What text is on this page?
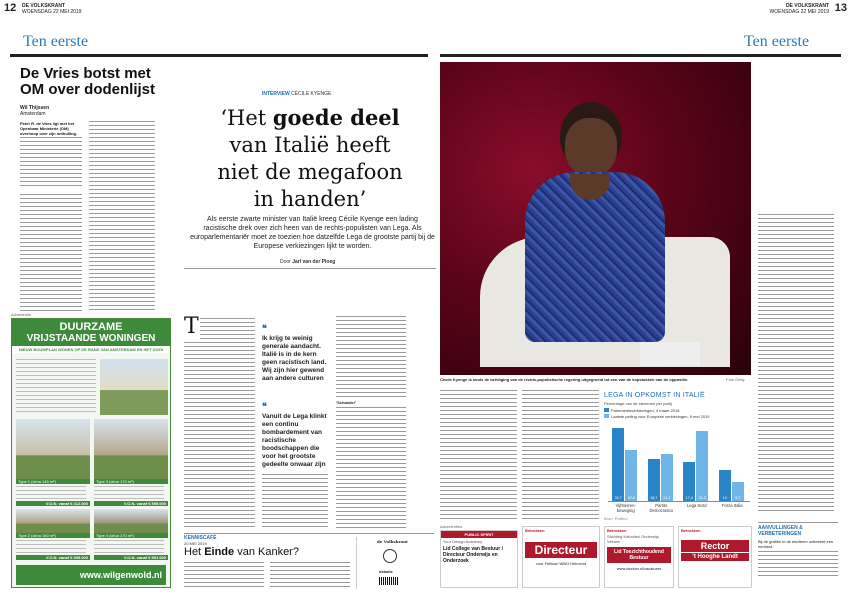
12 DE VOLKSKRANT
WOENSDAG 22 MEI 2019
Ten eerste
De Vries botst met OM over dodenlijst
Wil Thijssen
Amsterdam
Peter R. de Vries ligt met het Openbaar Ministerie (OM) overhoop over zijn onthulling.
Advertentie
DUURZAME
VRIJSTAANDE WONINGEN
NIEUW BOUWPLAN WONEN OP DE RAND VAN AMSTERDAM EN HET GOOI
Type 1 (circa 145 m²)	Type 3 (circa 170 m²)
V.O.N. vanaf € 412.000	V.O.N. vanaf € 595.000
Type 2 (circa 160 m²)	Type 4 (circa 170 m²)
V.O.N. vanaf € 555.000	V.O.N. vanaf € 591.000
www.wilgenwold.nl
INTERVIEW CÉCILE KYENGE
‘Het goede deel
van Italië heeft
niet de megafoon
in handen’
Als eerste zwarte minister van Italië kreeg Cécile Kyenge een lading racistische drek over zich heen van de rechts-populisten van Lega. Als europarlementariër moet ze toezien hoe datzelfde Lega de grootste partij bij de Europese verkiezingen lijkt te worden.
Door Jarl van der Ploeg
T	❝
Ik krijg te weinig generale aandacht. Italië is in de kern geen racistisch land. Wij zijn hier gewend aan andere culturen
❝
Vanuit de Lega klinkt een continu bombardement van racistische boodschappen die voor het grootste gedeelte onwaar zijn
‘Schande!’
KENNISCAFÉ
20 MEI 2019
Het Einde van Kanker?
de Volkskrant
debalie
DE VOLKSKRANT
WOENSDAG 22 MEI 2019 13
Ten eerste
Cécile Kyenge is sinds de beëdiging van de rechts-populistische regering uitgegroeid tot een van de kopstukken van de oppositie.	Foto Getty
LEGA IN OPKOMST IN ITALIË
Percentage van de stemmen per partij
Parlementsverkiezingen, 4 maart 2018
Laatste peiling voor Europese verkiezingen, 9 mei 2019
32,7	22,8	18,7	21,2	17,4	31,3	14	8,7
Vijfsterren-beweging
Partito Democratico
Lega Nord	Forza Italia
Bron: Politico
AANVULLINGEN & VERBETERINGEN
Bij de grafiek in de eindterm ontbreekt een eenheid.
Advertenties
PUBLIC SPIRIT
Your Design Academy
Lid College van Bestuur / Directeur Onderwijs en Onderzoek
Betrokken
Directeur
voor Fellicon WBO Helmond
Betrokken
Stichting Katholiek Onderwijs Veluwe
Lid Toezichthoudend Bestuur
www.dezkov.nl/vacatures
Betrokken
Rector
’t Hooghe Landt
